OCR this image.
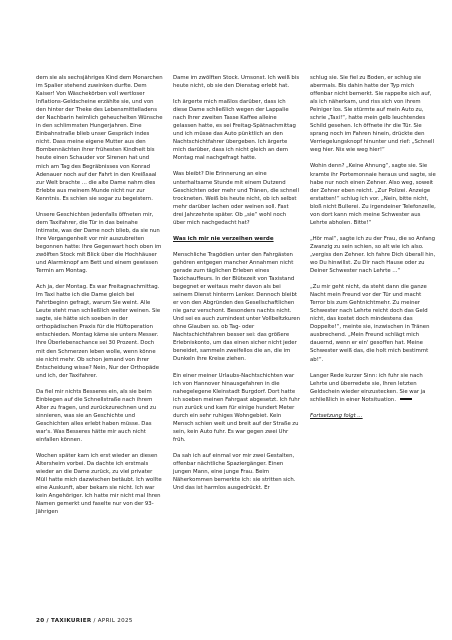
dem sie als sechsjähriges Kind dem Monarchen im Spalier stehend zuwinken durfte. Dem Kaiser! Von Wäschekörben voll wertloser Inflations-Geldscheine erzählte sie, und von den hinter der Theke des Lebensmittelladens der Nachbarin heimlich geheuchelten Wünsche in den schlimmsten Hungerjahren. Eine Einbahnstraße blieb unser Gespräch indes nicht. Dass meine eigene Mutter aus den Bombennächten ihrer frühesten Kindheit bis heute einen Schauder vor Sirenen hat und mich am Tag des Begräbnisses von Konrad Adenauer noch auf der Fahrt in den Kreißsaal zur Welt brachte … die alte Dame nahm dies Erlebte aus meinem Munde nicht nur zur Kenntnis. Es schien sie sogar zu begeistern.

Unsere Geschichten jedenfalls öffneten mir, dem Taxifahrer, die Tür in das beinahe Intimste, was der Dame noch blieb, da sie nun Ihre Vergangenheit vor mir auszubreiten begonnen hatte: Ihre Gegenwart hoch oben im zwölften Stock mit Blick über die Hochhäuser und Alarmknopf am Bett und einem gewissen Termin am Montag.

Ach ja, der Montag. Es war Freitagnachmittag. Im Taxi hatte ich die Dame gleich bei Fahrtbeginn gefragt, warum Sie weint. Alle Leute steht man schließlich weiter weinen. Sie sagte, sie hätte sich soeben in der orthopädischen Praxis für die Hüftoperation entschieden. Montag käme sie unters Messer. Ihre Überlebenschance sei 30 Prozent. Doch mit den Schmerzen leben wolle, wenn könne sie nicht mehr. Ob schon jemand von ihrer Entscheidung wisse? Nein, Nur der Orthopäde und ich, der Taxifahrer.

Da fiel mir nichts Besseres ein, als sie beim Einbiegen auf die Schnellstraße nach ihrem Alter zu fragen, und zurückzurechnen und zu sinnieren, was sie an Geschichte und Geschichten alles erlebt haben müsse. Das war's. Was Besseres hätte mir auch nicht einfallen können.

Wochen später kam ich erst wieder an diesen Altersheim vorbei. Da dachte ich erstmals wieder an die Dame zurück, zu viel privater Müll hatte mich dazwischen betäubt. Ich wollte eine Auskunft, aber bekam sie nicht. Ich war kein Angehöriger. Ich hatte mir nicht mal Ihren Namen gemerkt und faselte nur von der 93-Jährigen

Dame im zwölften Stock. Umsonst. Ich weiß bis heute nicht, ob sie den Dienstag erlebt hat.

Ich ärgerte mich maßlos darüber, dass ich diese Dame schließlich wegen der Lappalie nach Ihrer zweiten Tasse Kaffee alleine gelassen hatte, es sei Freitag-Spätnachmittag und ich müsse das Auto pünktlich an den Nachtschichtfahrer übergeben. Ich ärgerte mich darüber, dass ich nicht gleich an dem Montag mal nachgefragt hatte.

Was bleibt? Die Erinnerung an eine unterhaltsame Stunde mit einem Dutzend Geschichten oder mehr und Tränen, die schnell trockneten. Weiß bis heute nicht, ob ich selbst mehr darüber lachen oder weinen soll. Fast drei Jahrzehnte später. Ob „sie“ wohl noch über mich nachgedacht hat?

Was ich mir nie verzeihen werde

Menschliche Tragödien unter den Fahrgästen gehören entgegen mancher Annahmen nicht gerade zum täglichen Erleben eines Taxichauffeurs. In der Blütezeit von Taxistand begegnet er weitaus mehr davon als bei seinem Dienst hinterm Lenker. Dennoch bleibt er von den Abgründen des Gesellschaftlichen nie ganz verschont. Besonders nachts nicht. Und sei es auch zumindest unter Vollbeltzkuren ohne Glauben so. ob Tag- oder Nachtschichtfahren besser sei: das größere Erlebniskonto, um das einen sicher nicht jeder beneidet, sammeln zweifellos die an, die im Dunkeln ihre Kreise ziehen.

Ein einer meiner Urlaubs-Nachtschichten war ich von Hannover hinausgefahren in die nahegelegene Kleinstadt Burgdorf. Dort hatte ich soeben meinen Fahrgast abgesetzt. Ich fuhr nun zurück und kam für einige hundert Meter durch ein sehr ruhiges Wohngebiet. Kein Mensch schien weit und breit auf der Straße zu sein, kein Auto fuhr. Es war gegen zwei Uhr früh.

Da sah ich auf einmal vor mir zwei Gestalten, offenbar nächtliche Spaziergänger. Einen jungen Mann, eine junge Frau. Beim Näherkommen bemerkte ich: sie stritten sich. Und das ist harmlos ausgedrückt. Er

schlug sie. Sie fiel zu Boden, er schlug sie abermals. Bis dahin hatte der Typ mich offenbar nicht bemerkt. Sie rappelte sich auf, als ich näherkam, und riss sich von ihrem Peiniger los. Sie stürmte auf mein Auto zu, schrie „Taxi!“, hatte mein gelb leuchtendes Schild gesehen. Ich öffnete ihr die Tür. Sie sprang noch im Fahren hinein, drückte den Verriegelungsknopf hinunter und rief: „Schnell weg hier. Nix wie weg hier!“

Wohin denn? „Keine Ahnung“, sagte sie. Sie kramte ihr Portemonnaie heraus und sagte, sie habe nur noch einen Zehner. Also weg, soweit der Zehner eben reicht. „Zur Polizei. Anzeige erstatten!“ schlug ich vor. „Nein, bitte nicht, bloß nicht Bullerei. Zu irgendeiner Telefonzelle, von dort kann mich meine Schwester aus Lehrte abholen. Bitte!“

„Hör mal“, sagte ich zu der Frau, die so Anfang Zwanzig zu sein schien, so alt wie ich also. „vergiss den Zehner. Ich fahre Dich überall hin, wo Du hinwillst. Zu Dir nach Hause oder zu Deiner Schwester nach Lehrte …“

„Zu mir geht nicht, da steht dann die ganze Nacht mein Freund vor der Tür und macht Terror bis zum Gehtnichtmehr. Zu meiner Schwester nach Lehrte reicht doch das Geld nicht, das kostet doch mindestens das Doppelte!“, meinte sie, inzwischen in Tränen ausbrechend. „Mein Freund schlägt mich dauernd, wenn er ein' gesoffen hat. Meine Schwester weiß das, die holt mich bestimmt ab!“.

Langer Rede kurzer Sinn: ich fuhr sie nach Lehrte und überredete sie, Ihren letzten Geldschein wieder einzustecken. Sie war ja schließlich in einer Notsituation.

Fortsetzung folgt …

20 / TAXIKURIER / APRIL 2025
